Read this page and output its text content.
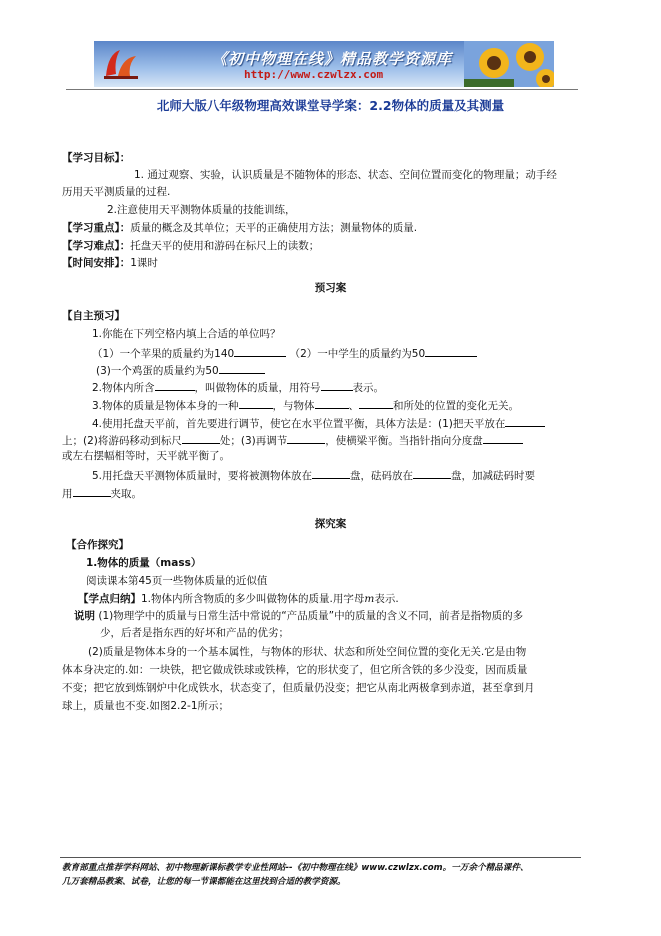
《初中物理在线》精品教学资源库
http://www.czwlzx.com
北师大版八年级物理高效课堂导学案：2.2物体的质量及其测量
【学习目标】：
1. 通过观察、实验，认识质量是不随物体的形态、状态、空间位置而变化的物理量；动手经
历用天平测质量的过程.
2.注意使用天平测物体质量的技能训练，
【学习重点】：质量的概念及其单位；天平的正确使用方法；测量物体的质量.
【学习难点】：托盘天平的使用和游码在标尺上的读数；
【时间安排】：1课时
预习案
【自主预习】
1.你能在下列空格内填上合适的单位吗？
（1）一个苹果的质量约为140	（2）一中学生的质量约为50
(3)一个鸡蛋的质量约为50
2.物体内所含	，叫做物体的质量，用符号	表示。
3.物体的质量是物体本身的一种	，与物体	、	和所处的位置的变化无关。
4.使用托盘天平前，首先要进行调节，使它在水平位置平衡，具体方法是：(1)把天平放在
上；(2)将游码移动到标尺	处；(3)再调节	，使横梁平衡。当指针指向分度盘
或左右摆幅相等时，天平就平衡了。
5.用托盘天平测物体质量时，要将被测物体放在	盘，砝码放在	盘，加减砝码时要
用	夹取。
探究案
【合作探究】
1.物体的质量（mass）
阅读课本第45页一些物体质量的近似值
【学点归纳】1.物体内所含物质的多少叫做物体的质量.用字母m表示.
说明 (1)物理学中的质量与日常生活中常说的“产品质量”中的质量的含义不同，前者是指物质的多
少，后者是指东西的好坏和产品的优劣；
(2)质量是物体本身的一个基本属性，与物体的形状、状态和所处空间位置的变化无关.它是由物
体本身决定的.如：一块铁，把它做成铁球或铁棒，它的形状变了，但它所含铁的多少没变，因而质量
不变；把它放到炼钢炉中化成铁水，状态变了，但质量仍没变；把它从南北两极拿到赤道，甚至拿到月
球上，质量也不变.如图2.2-1所示；
教育部重点推荐学科网站、初中物理新课标教学专业性网站--《初中物理在线》www.czwlzx.com。一万余个精品课件、
几万套精品教案、试卷，让您的每一节课都能在这里找到合适的教学资源。
